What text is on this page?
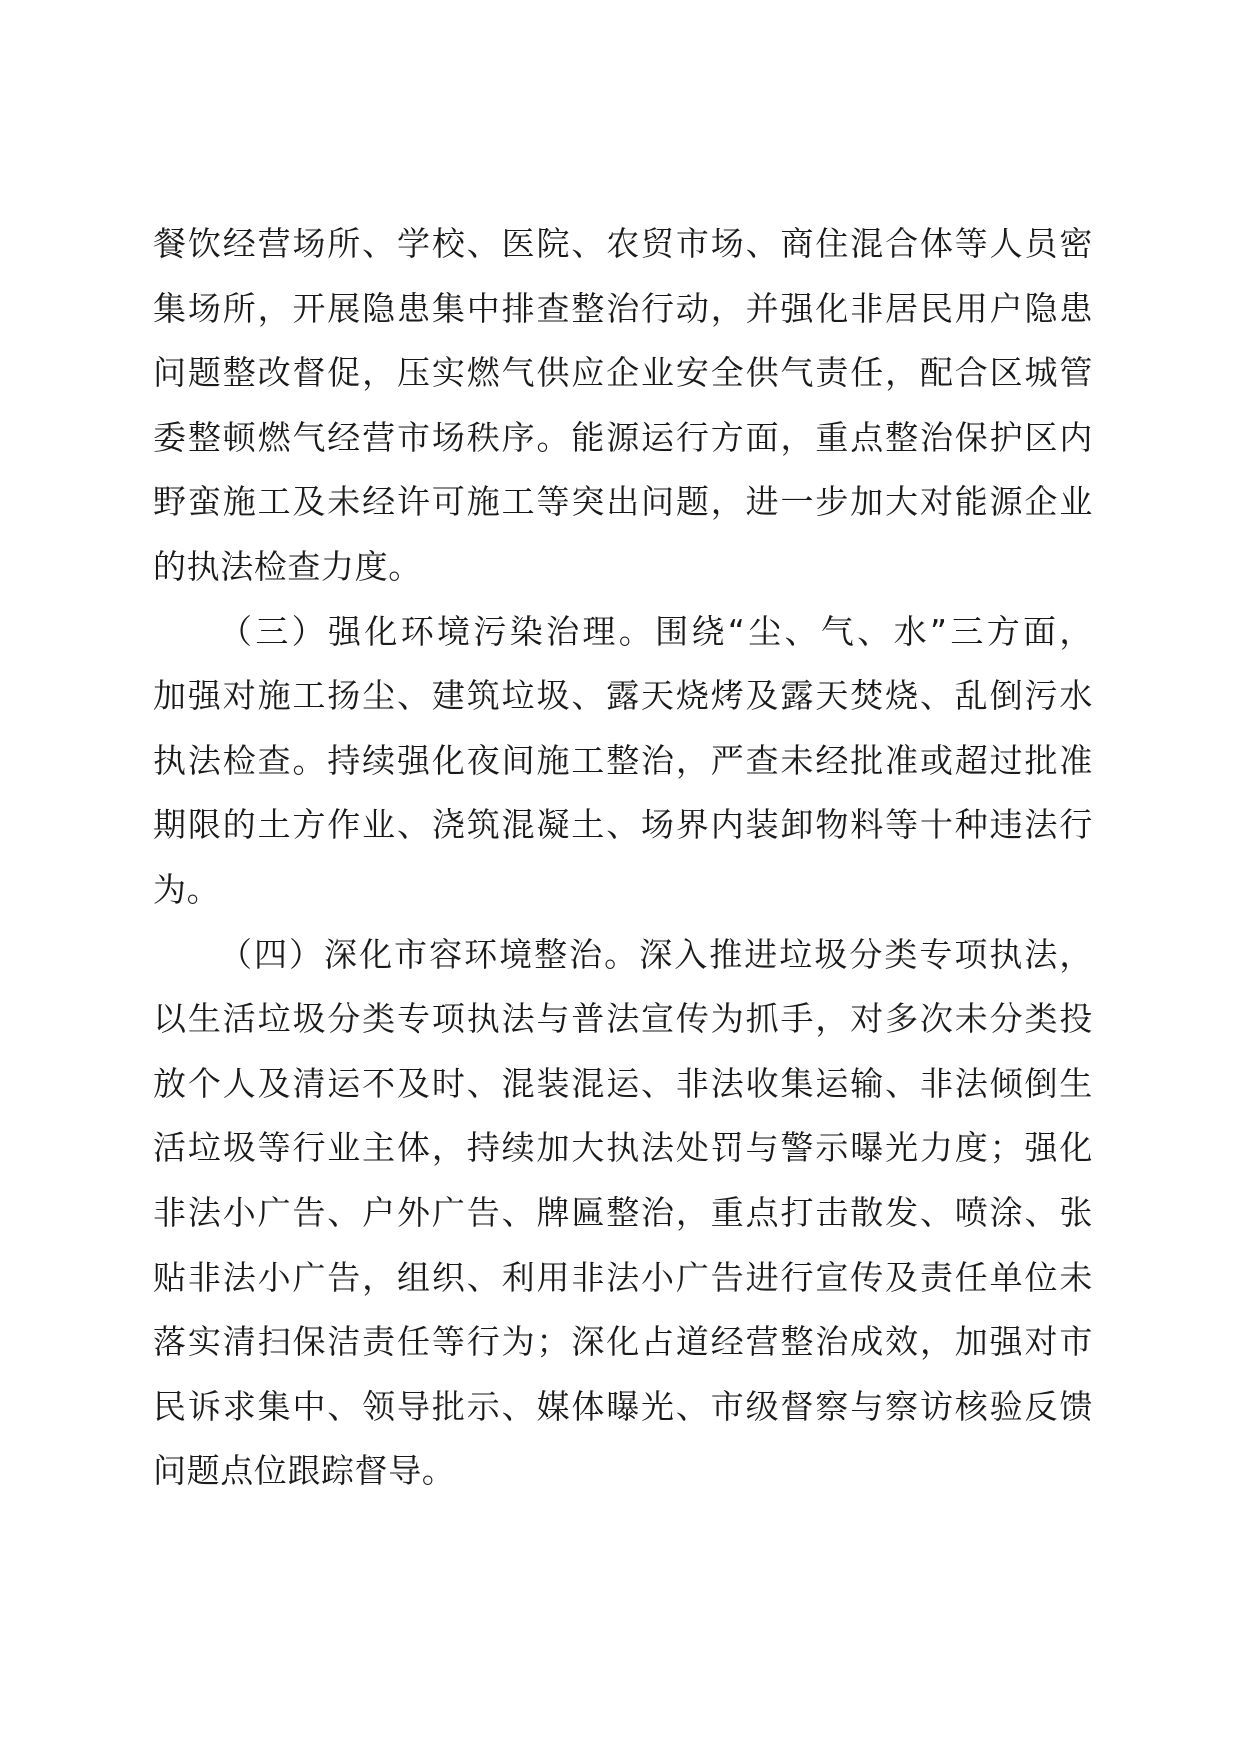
餐饮经营场所、学校、医院、农贸市场、商住混合体等人员密
集场所，开展隐患集中排查整治行动，并强化非居民用户隐患
问题整改督促，压实燃气供应企业安全供气责任，配合区城管
委整顿燃气经营市场秩序。能源运行方面，重点整治保护区内
野蛮施工及未经许可施工等突出问题，进一步加大对能源企业
的执法检查力度。
（三）强化环境污染治理。围绕“尘、气、水”三方面，
加强对施工扬尘、建筑垃圾、露天烧烤及露天焚烧、乱倒污水
执法检查。持续强化夜间施工整治，严查未经批准或超过批准
期限的土方作业、浇筑混凝土、场界内装卸物料等十种违法行
为。
（四）深化市容环境整治。深入推进垃圾分类专项执法，
以生活垃圾分类专项执法与普法宣传为抓手，对多次未分类投
放个人及清运不及时、混装混运、非法收集运输、非法倾倒生
活垃圾等行业主体，持续加大执法处罚与警示曝光力度；强化
非法小广告、户外广告、牌匾整治，重点打击散发、喷涂、张
贴非法小广告，组织、利用非法小广告进行宣传及责任单位未
落实清扫保洁责任等行为；深化占道经营整治成效，加强对市
民诉求集中、领导批示、媒体曝光、市级督察与察访核验反馈
问题点位跟踪督导。
